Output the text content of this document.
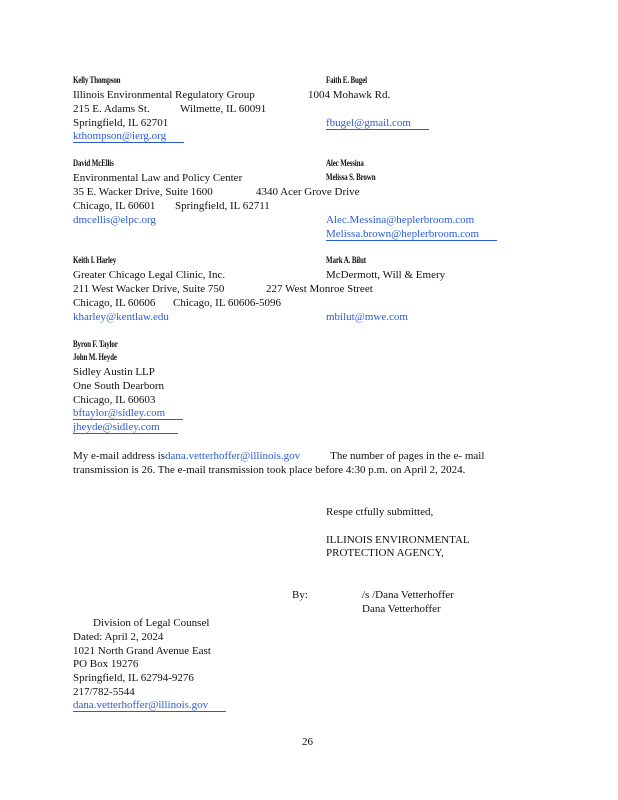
Kelly Thompson	Faith E. Bugel
Illinois Environmental Regulatory Group	1004 Mohawk Rd.
215 E. Adams St.	Wilmette, IL 60091
Springfield, IL 62701	fbugel@gmail.com
kthompson@ierg.org
David McEllis	Alec Messina
Environmental Law and Policy Center	Melissa S. Brown
35 E. Wacker Drive, Suite 1600	4340 Acer Grove Drive
Chicago, IL 60601 Springfield, IL 62711
dmcellis@elpc.org	Alec.Messina@heplerbroom.com
Melissa.brown@heplerbroom.com
Keith I. Harley	Mark A. Bilut
Greater Chicago Legal Clinic, Inc.	McDermott, Will & Emery
211 West Wacker Drive, Suite 750	227 West Monroe Street
Chicago, IL 60606 Chicago, IL 60606-5096
kharley@kentlaw.edu	mbilut@mwe.com
Byron F. Taylor
John M. Heyde
Sidley Austin LLP
One South Dearborn
Chicago, IL 60603
bftaylor@sidley.com
jheyde@sidley.com
My e-mail address isdana.vetterhoffer@illinois.gov	The number of pages in the e- mail
transmission is 26. The e-mail transmission took place before 4:30 p.m. on April 2, 2024.
Respe ctfully submitted,
ILLINOIS ENVIRONMENTAL
PROTECTION AGENCY,
By:	/s /Dana Vetterhoffer
Dana Vetterhoffer
Division of Legal Counsel
Dated: April 2, 2024
1021 North Grand Avenue East
PO Box 19276
Springfield, IL 62794-9276
217/782-5544
dana.vetterhoffer@illinois.gov
26
